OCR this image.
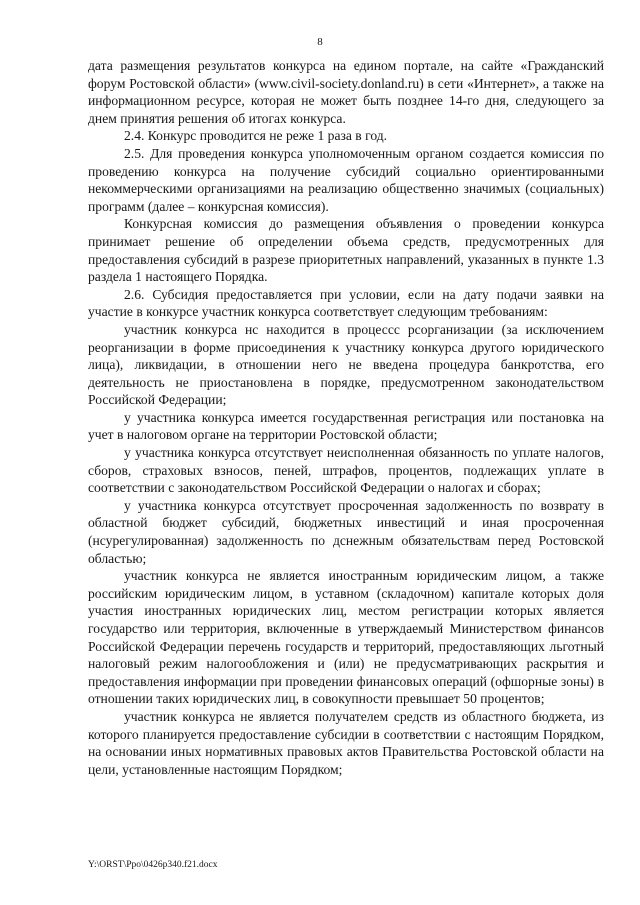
8

дата размещения результатов конкурса на едином портале, на сайте «Гражданский форум Ростовской области» (www.civil-society.donland.ru) в сети «Интернет», а также на информационном ресурсе, которая не может быть позднее 14-го дня, следующего за днем принятия решения об итогах конкурса.

2.4. Конкурс проводится не реже 1 раза в год.

2.5. Для проведения конкурса уполномоченным органом создается комиссия по проведению конкурса на получение субсидий социально ориентированными некоммерческими организациями на реализацию общественно значимых (социальных) программ (далее – конкурсная комиссия).

Конкурсная комиссия до размещения объявления о проведении конкурса принимает решение об определении объема средств, предусмотренных для предоставления субсидий в разрезе приоритетных направлений, указанных в пункте 1.3 раздела 1 настоящего Порядка.

2.6. Субсидия предоставляется при условии, если на дату подачи заявки на участие в конкурсе участник конкурса соответствует следующим требованиям:

участник конкурса нс находится в процессс рсорганизации (за исключением реорганизации в форме присоединения к участнику конкурса другого юридического лица), ликвидации, в отношении него не введена процедура банкротства, его деятельность не приостановлена в порядке, предусмотренном законодательством Российской Федерации;

у участника конкурса имеется государственная регистрация или постановка на учет в налоговом органе на территории Ростовской области;

у участника конкурса отсутствует неисполненная обязанность по уплате налогов, сборов, страховых взносов, пеней, штрафов, процентов, подлежащих уплате в соответствии с законодательством Российской Федерации о налогах и сборах;

у участника конкурса отсутствует просроченная задолженность по возврату в областной бюджет субсидий, бюджетных инвестиций и иная просроченная (нсурегулированная) задолженность по дснежным обязательствам перед Ростовской областью;

участник конкурса не является иностранным юридическим лицом, а также российским юридическим лицом, в уставном (складочном) капитале которых доля участия иностранных юридических лиц, местом регистрации которых является государство или территория, включенные в утверждаемый Министерством финансов Российской Федерации перечень государств и территорий, предоставляющих льготный налоговый режим налогообложения и (или) не предусматривающих раскрытия и предоставления информации при проведении финансовых операций (офшорные зоны) в отношении таких юридических лиц, в совокупности превышает 50 процентов;

участник конкурса не является получателем средств из областного бюджета, из которого планируется предоставление субсидии в соответствии с настоящим Порядком, на основании иных нормативных правовых актов Правительства Ростовской области на цели, установленные настоящим Порядком;

Y:\ORST\Ppo\0426p340.f21.docx
